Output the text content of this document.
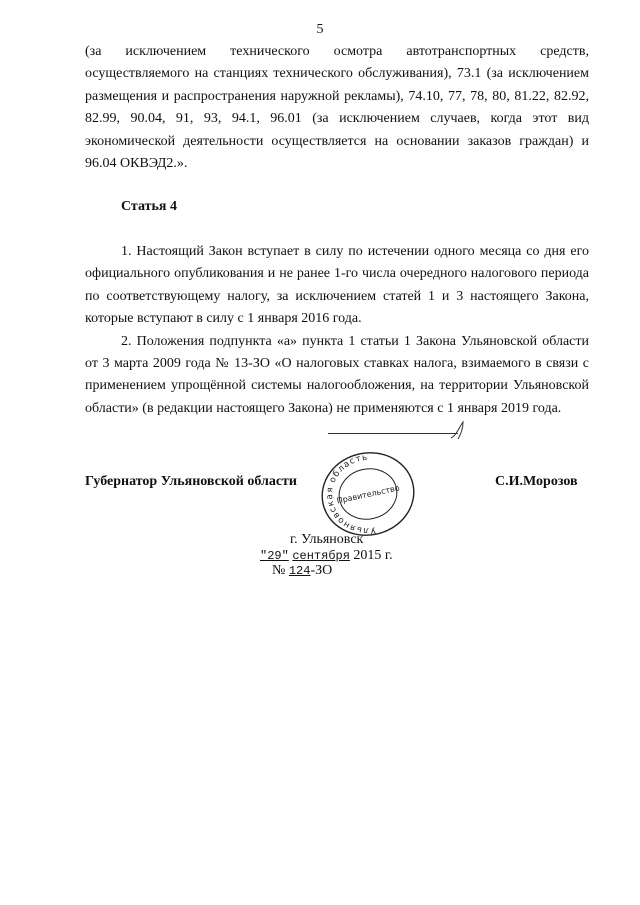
5

(за исключением технического осмотра автотранспортных средств, осуществляемого на станциях технического обслуживания), 73.1 (за исключением размещения и распространения наружной рекламы), 74.10, 77, 78, 80, 81.22, 82.92, 82.99, 90.04, 91, 93, 94.1, 96.01 (за исключением случаев, когда этот вид экономической деятельности осуществляется на основании заказов граждан) и 96.04 ОКВЭД2.».

Статья 4

1. Настоящий Закон вступает в силу по истечении одного месяца со дня его официального опубликования и не ранее 1-го числа очередного налогового периода по соответствующему налогу, за исключением статей 1 и 3 настоящего Закона, которые вступают в силу с 1 января 2016 года.

2. Положения подпункта «а» пункта 1 статьи 1 Закона Ульяновской области от 3 марта 2009 года № 13-ЗО «О налоговых ставках налога, взимаемого в связи с применением упрощённой системы налогообложения, на территории Ульяновской области» (в редакции настоящего Закона) не применяются с 1 января 2019 года.

Губернатор Ульяновской области
Ульяновская область
Правительство
С.И.Морозов
г. Ульяновск
"29" сентября 2015 г.
№ 124-ЗО
